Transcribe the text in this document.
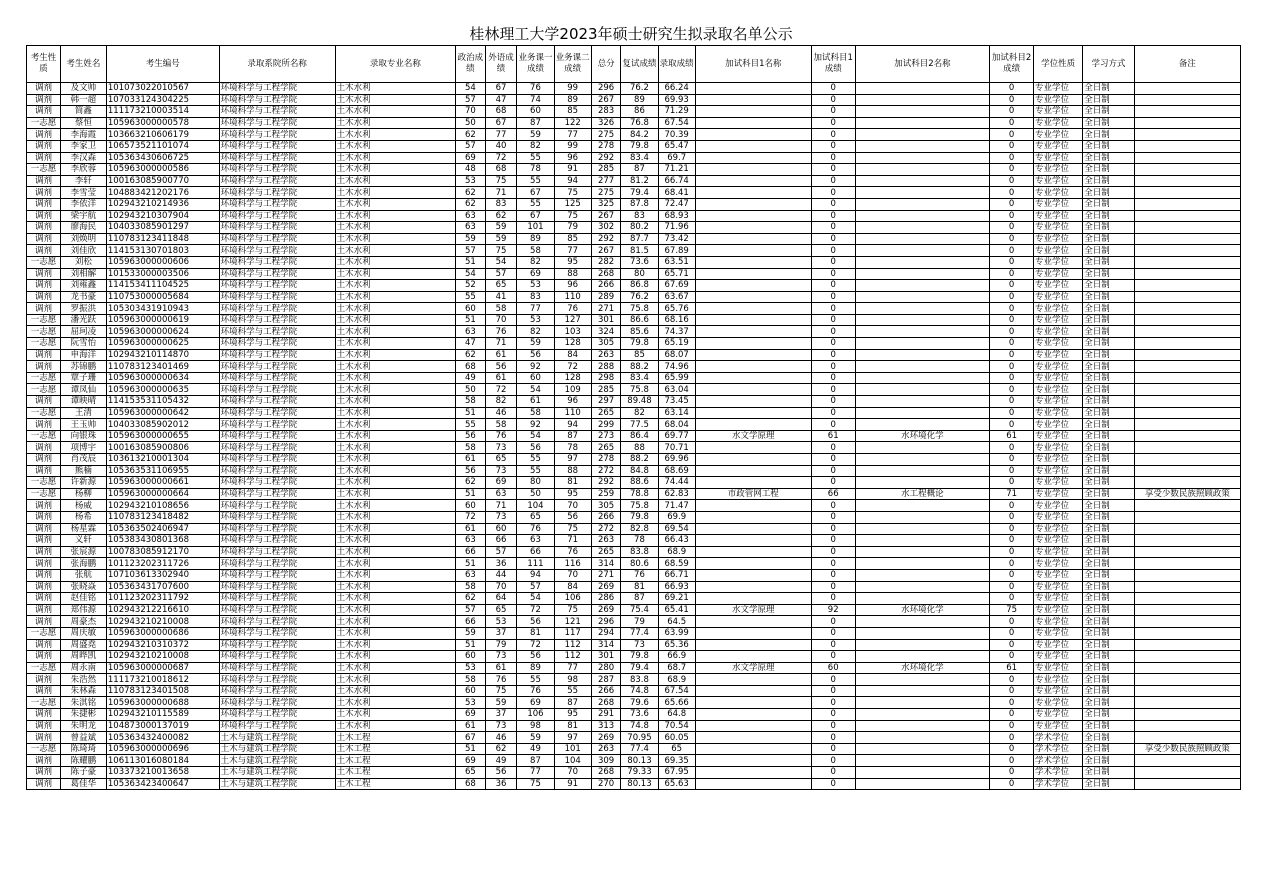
桂林理工大学2023年硕士研究生拟录取名单公示
考生性质	考生姓名	考生编号	录取系院所名称	录取专业名称	政治成绩	外语成绩	业务课一成绩	业务课二成绩	总分	复试成绩	录取成绩	加试科目1名称	加试科目1成绩	加试科目2名称	加试科目2成绩	学位性质	学习方式	备注
调剂	及文帅	101073022010567	环境科学与工程学院	土木水利	54	67	76	99	296	76.2	66.24		0		0	专业学位	全日制	
调剂	韩一超	107033124304225	环境科学与工程学院	土木水利	57	47	74	89	267	89	69.93		0		0	专业学位	全日制	
调剂	简鑫	111173210003514	环境科学与工程学院	土木水利	70	68	60	85	283	86	71.29		0		0	专业学位	全日制	
一志愿	蔡恒	105963000000578	环境科学与工程学院	土木水利	50	67	87	122	326	76.8	67.54		0		0	专业学位	全日制	
调剂	李海霞	103663210606179	环境科学与工程学院	土木水利	62	77	59	77	275	84.2	70.39		0		0	专业学位	全日制	
调剂	李家卫	106573521101074	环境科学与工程学院	土木水利	57	40	82	99	278	79.8	65.47		0		0	专业学位	全日制	
调剂	李汉森	105363430606725	环境科学与工程学院	土木水利	69	72	55	96	292	83.4	69.7		0		0	专业学位	全日制	
一志愿	李欣蓉	105963000000586	环境科学与工程学院	土木水利	48	68	78	91	285	87	71.21		0		0	专业学位	全日制	
调剂	李轩	100163085900770	环境科学与工程学院	土木水利	53	75	55	94	277	81.2	66.74		0		0	专业学位	全日制	
调剂	李雪莹	104883421202176	环境科学与工程学院	土木水利	62	71	67	75	275	79.4	68.41		0		0	专业学位	全日制	
调剂	李依洋	102943210214936	环境科学与工程学院	土木水利	62	83	55	125	325	87.8	72.47		0		0	专业学位	全日制	
调剂	梁宇航	102943210307904	环境科学与工程学院	土木水利	63	62	67	75	267	83	68.93		0		0	专业学位	全日制	
调剂	廖海民	104033085901297	环境科学与工程学院	土木水利	63	59	101	79	302	80.2	71.96		0		0	专业学位	全日制	
调剂	刘焕明	110783123411848	环境科学与工程学院	土木水利	59	59	89	85	292	87.7	73.42		0		0	专业学位	全日制	
调剂	刘佳欣	114153130701803	环境科学与工程学院	土木水利	57	75	58	77	267	81.5	67.89		0		0	专业学位	全日制	
一志愿	刘松	105963000000606	环境科学与工程学院	土木水利	51	54	82	95	282	73.6	63.51		0		0	专业学位	全日制	
调剂	刘相解	101533000003506	环境科学与工程学院	土木水利	54	57	69	88	268	80	65.71		0		0	专业学位	全日制	
调剂	刘雍鑫	114153411104525	环境科学与工程学院	土木水利	52	65	53	96	266	86.8	67.69		0		0	专业学位	全日制	
调剂	龙书豪	110753000005684	环境科学与工程学院	土木水利	55	41	83	110	289	76.2	63.67		0		0	专业学位	全日制	
调剂	罗振洪	105303431910943	环境科学与工程学院	土木水利	60	58	77	76	271	75.8	65.76		0		0	专业学位	全日制	
一志愿	潘光跃	105963000000619	环境科学与工程学院	土木水利	51	70	53	127	301	86.6	68.16		0		0	专业学位	全日制	
一志愿	屈珂凌	105963000000624	环境科学与工程学院	土木水利	63	76	82	103	324	85.6	74.37		0		0	专业学位	全日制	
一志愿	阮雪怡	105963000000625	环境科学与工程学院	土木水利	47	71	59	128	305	79.8	65.19		0		0	专业学位	全日制	
调剂	申海洋	102943210114870	环境科学与工程学院	土木水利	62	61	56	84	263	85	68.07		0		0	专业学位	全日制	
调剂	苏锦鹏	110783123401469	环境科学与工程学院	土木水利	68	56	92	72	288	88.2	74.96		0		0	专业学位	全日制	
一志愿	覃子珊	105963000000634	环境科学与工程学院	土木水利	49	61	60	128	298	83.4	65.99		0		0	专业学位	全日制	
一志愿	谭凤仙	105963000000635	环境科学与工程学院	土木水利	50	72	54	109	285	75.8	63.04		0		0	专业学位	全日制	
调剂	谭映晴	114153531105432	环境科学与工程学院	土木水利	58	82	61	96	297	89.48	73.45		0		0	专业学位	全日制	
一志愿	王清	105963000000642	环境科学与工程学院	土木水利	51	46	58	110	265	82	63.14		0		0	专业学位	全日制	
调剂	王玉帅	104033085902012	环境科学与工程学院	土木水利	55	58	92	94	299	77.5	68.04		0		0	专业学位	全日制	
一志愿	向银珠	105963000000655	环境科学与工程学院	土木水利	56	76	54	87	273	86.4	69.77	水文学原理	61	水环境化学	61	专业学位	全日制	
调剂	项博宇	100163085900806	环境科学与工程学院	土木水利	58	73	56	78	265	88	70.71		0		0	专业学位	全日制	
调剂	肖茂辰	103613210001304	环境科学与工程学院	土木水利	61	65	55	97	278	88.2	69.96		0		0	专业学位	全日制	
调剂	熊楠	105363531106955	环境科学与工程学院	土木水利	56	73	55	88	272	84.8	68.69		0		0	专业学位	全日制	
一志愿	许新源	105963000000661	环境科学与工程学院	土木水利	62	69	80	81	292	88.6	74.44		0		0	专业学位	全日制	
一志愿	杨柳	105963000000664	环境科学与工程学院	土木水利	51	63	50	95	259	78.8	62.83	市政管网工程	66	水工程概论	71	专业学位	全日制	享受少数民族照顾政策
调剂	杨威	102943210108656	环境科学与工程学院	土木水利	60	71	104	70	305	75.8	71.47		0		0	专业学位	全日制	
调剂	杨希	110783123418482	环境科学与工程学院	土木水利	72	73	65	56	266	79.8	69.9		0		0	专业学位	全日制	
调剂	杨星霖	105363502406947	环境科学与工程学院	土木水利	61	60	76	75	272	82.8	69.54		0		0	专业学位	全日制	
调剂	义轩	105383430801368	环境科学与工程学院	土木水利	63	66	63	71	263	78	66.43		0		0	专业学位	全日制	
调剂	张宸源	100783085912170	环境科学与工程学院	土木水利	66	57	66	76	265	83.8	68.9		0		0	专业学位	全日制	
调剂	张海鹏	101123202311726	环境科学与工程学院	土木水利	51	36	111	116	314	80.6	68.59		0		0	专业学位	全日制	
调剂	张航	107103613302940	环境科学与工程学院	土木水利	63	44	94	70	271	76	66.71		0		0	专业学位	全日制	
调剂	张晓焱	105363431707600	环境科学与工程学院	土木水利	58	70	57	84	269	81	66.93		0		0	专业学位	全日制	
调剂	赵佳铭	101123202311792	环境科学与工程学院	土木水利	62	64	54	106	286	87	69.21		0		0	专业学位	全日制	
调剂	郑伟源	102943212216610	环境科学与工程学院	土木水利	57	65	72	75	269	75.4	65.41	水文学原理	92	水环境化学	75	专业学位	全日制	
调剂	周豪杰	102943210210008	环境科学与工程学院	土木水利	66	53	56	121	296	79	64.5		0		0	专业学位	全日制	
一志愿	周庆敏	105963000000686	环境科学与工程学院	土木水利	59	37	81	117	294	77.4	63.99		0		0	专业学位	全日制	
调剂	周盛堯	102943210310372	环境科学与工程学院	土木水利	51	79	72	112	314	73	65.36		0		0	专业学位	全日制	
调剂	周晔凯	102943210210008	环境科学与工程学院	土木水利	60	73	56	112	301	79.8	66.9		0		0	专业学位	全日制	
一志愿	周永南	105963000000687	环境科学与工程学院	土木水利	53	61	89	77	280	79.4	68.7	水文学原理	60	水环境化学	61	专业学位	全日制	
调剂	朱浩然	111173210018612	环境科学与工程学院	土木水利	58	76	55	98	287	83.8	68.9		0		0	专业学位	全日制	
调剂	朱林森	110783123401508	环境科学与工程学院	土木水利	60	75	76	55	266	74.8	67.54		0		0	专业学位	全日制	
一志愿	朱淇铭	105963000000688	环境科学与工程学院	土木水利	53	59	69	87	268	79.6	65.66		0		0	专业学位	全日制	
调剂	朱捷彬	102943210115589	环境科学与工程学院	土木水利	69	37	106	95	291	73.6	64.8		0		0	专业学位	全日制	
调剂	朱明龙	104873000137019	环境科学与工程学院	土木水利	61	73	98	81	313	74.8	70.54		0		0	专业学位	全日制	
调剂	曾益斌	105363432400082	土木与建筑工程学院	土木工程	67	46	59	97	269	70.95	60.05		0		0	学术学位	全日制	
一志愿	陈琦琦	105963000000696	土木与建筑工程学院	土木工程	51	62	49	101	263	77.4	65		0		0	学术学位	全日制	享受少数民族照顾政策
调剂	陈耀鹏	106113016080184	土木与建筑工程学院	土木工程	69	49	87	104	309	80.13	69.35		0		0	学术学位	全日制	
调剂	陈子豪	103373210013658	土木与建筑工程学院	土木工程	65	56	77	70	268	79.33	67.95		0		0	学术学位	全日制	
调剂	葛佳华	105363423400647	土木与建筑工程学院	土木工程	68	36	75	91	270	80.13	65.63		0		0	学术学位	全日制	
